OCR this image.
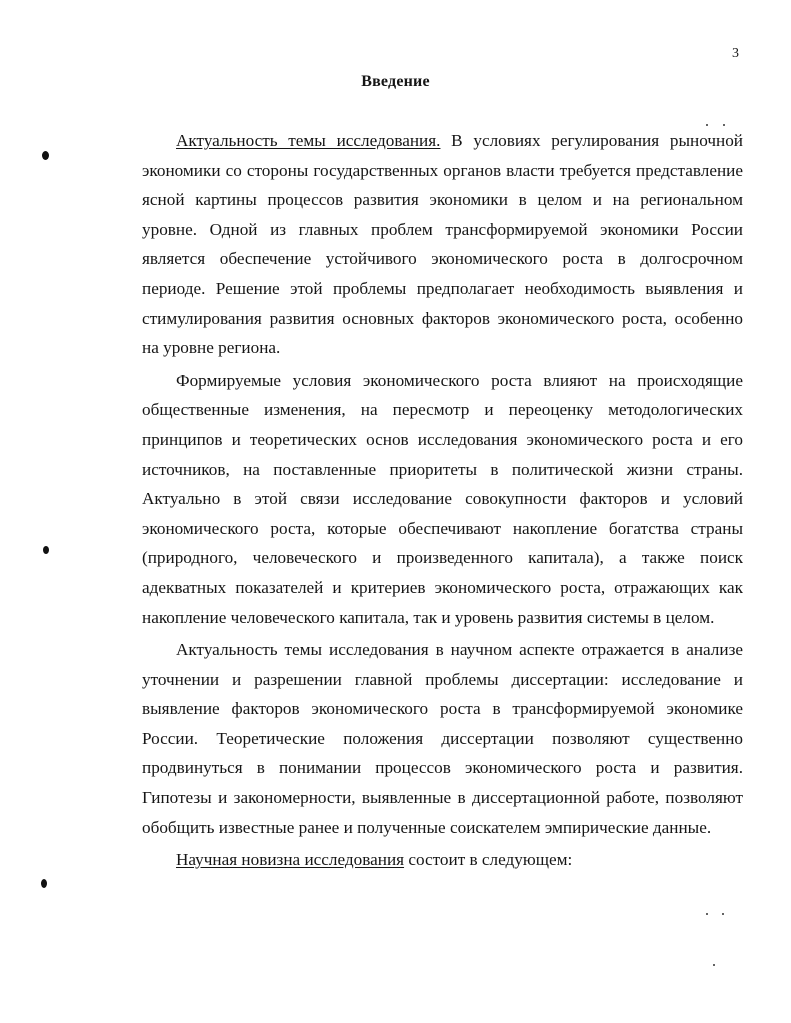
3
Введение

Актуальность темы исследования. В условиях регулирования рыночной экономики со стороны государственных органов власти требуется представление ясной картины процессов развития экономики в целом и на региональном уровне. Одной из главных проблем трансформируемой экономики России является обеспечение устойчивого экономического роста в долгосрочном периоде. Решение этой проблемы предполагает необходимость выявления и стимулирования развития основных факторов экономического роста, особенно на уровне региона.

Формируемые условия экономического роста влияют на происходящие общественные изменения, на пересмотр и переоценку методологических принципов и теоретических основ исследования экономического роста и его источников, на поставленные приоритеты в политической жизни страны. Актуально в этой связи исследование совокупности факторов и условий экономического роста, которые обеспечивают накопление богатства страны (природного, человеческого и произведенного капитала), а также поиск адекватных показателей и критериев экономического роста, отражающих как накопление человеческого капитала, так и уровень развития системы в целом.

Актуальность темы исследования в научном аспекте отражается в анализе уточнении и разрешении главной проблемы диссертации: исследование и выявление факторов экономического роста в трансформируемой экономике России. Теоретические положения диссертации позволяют существенно продвинуться в понимании процессов экономического роста и развития. Гипотезы и закономерности, выявленные в диссертационной работе, позволяют обобщить известные ранее и полученные соискателем эмпирические данные.

Научная новизна исследования состоит в следующем:
